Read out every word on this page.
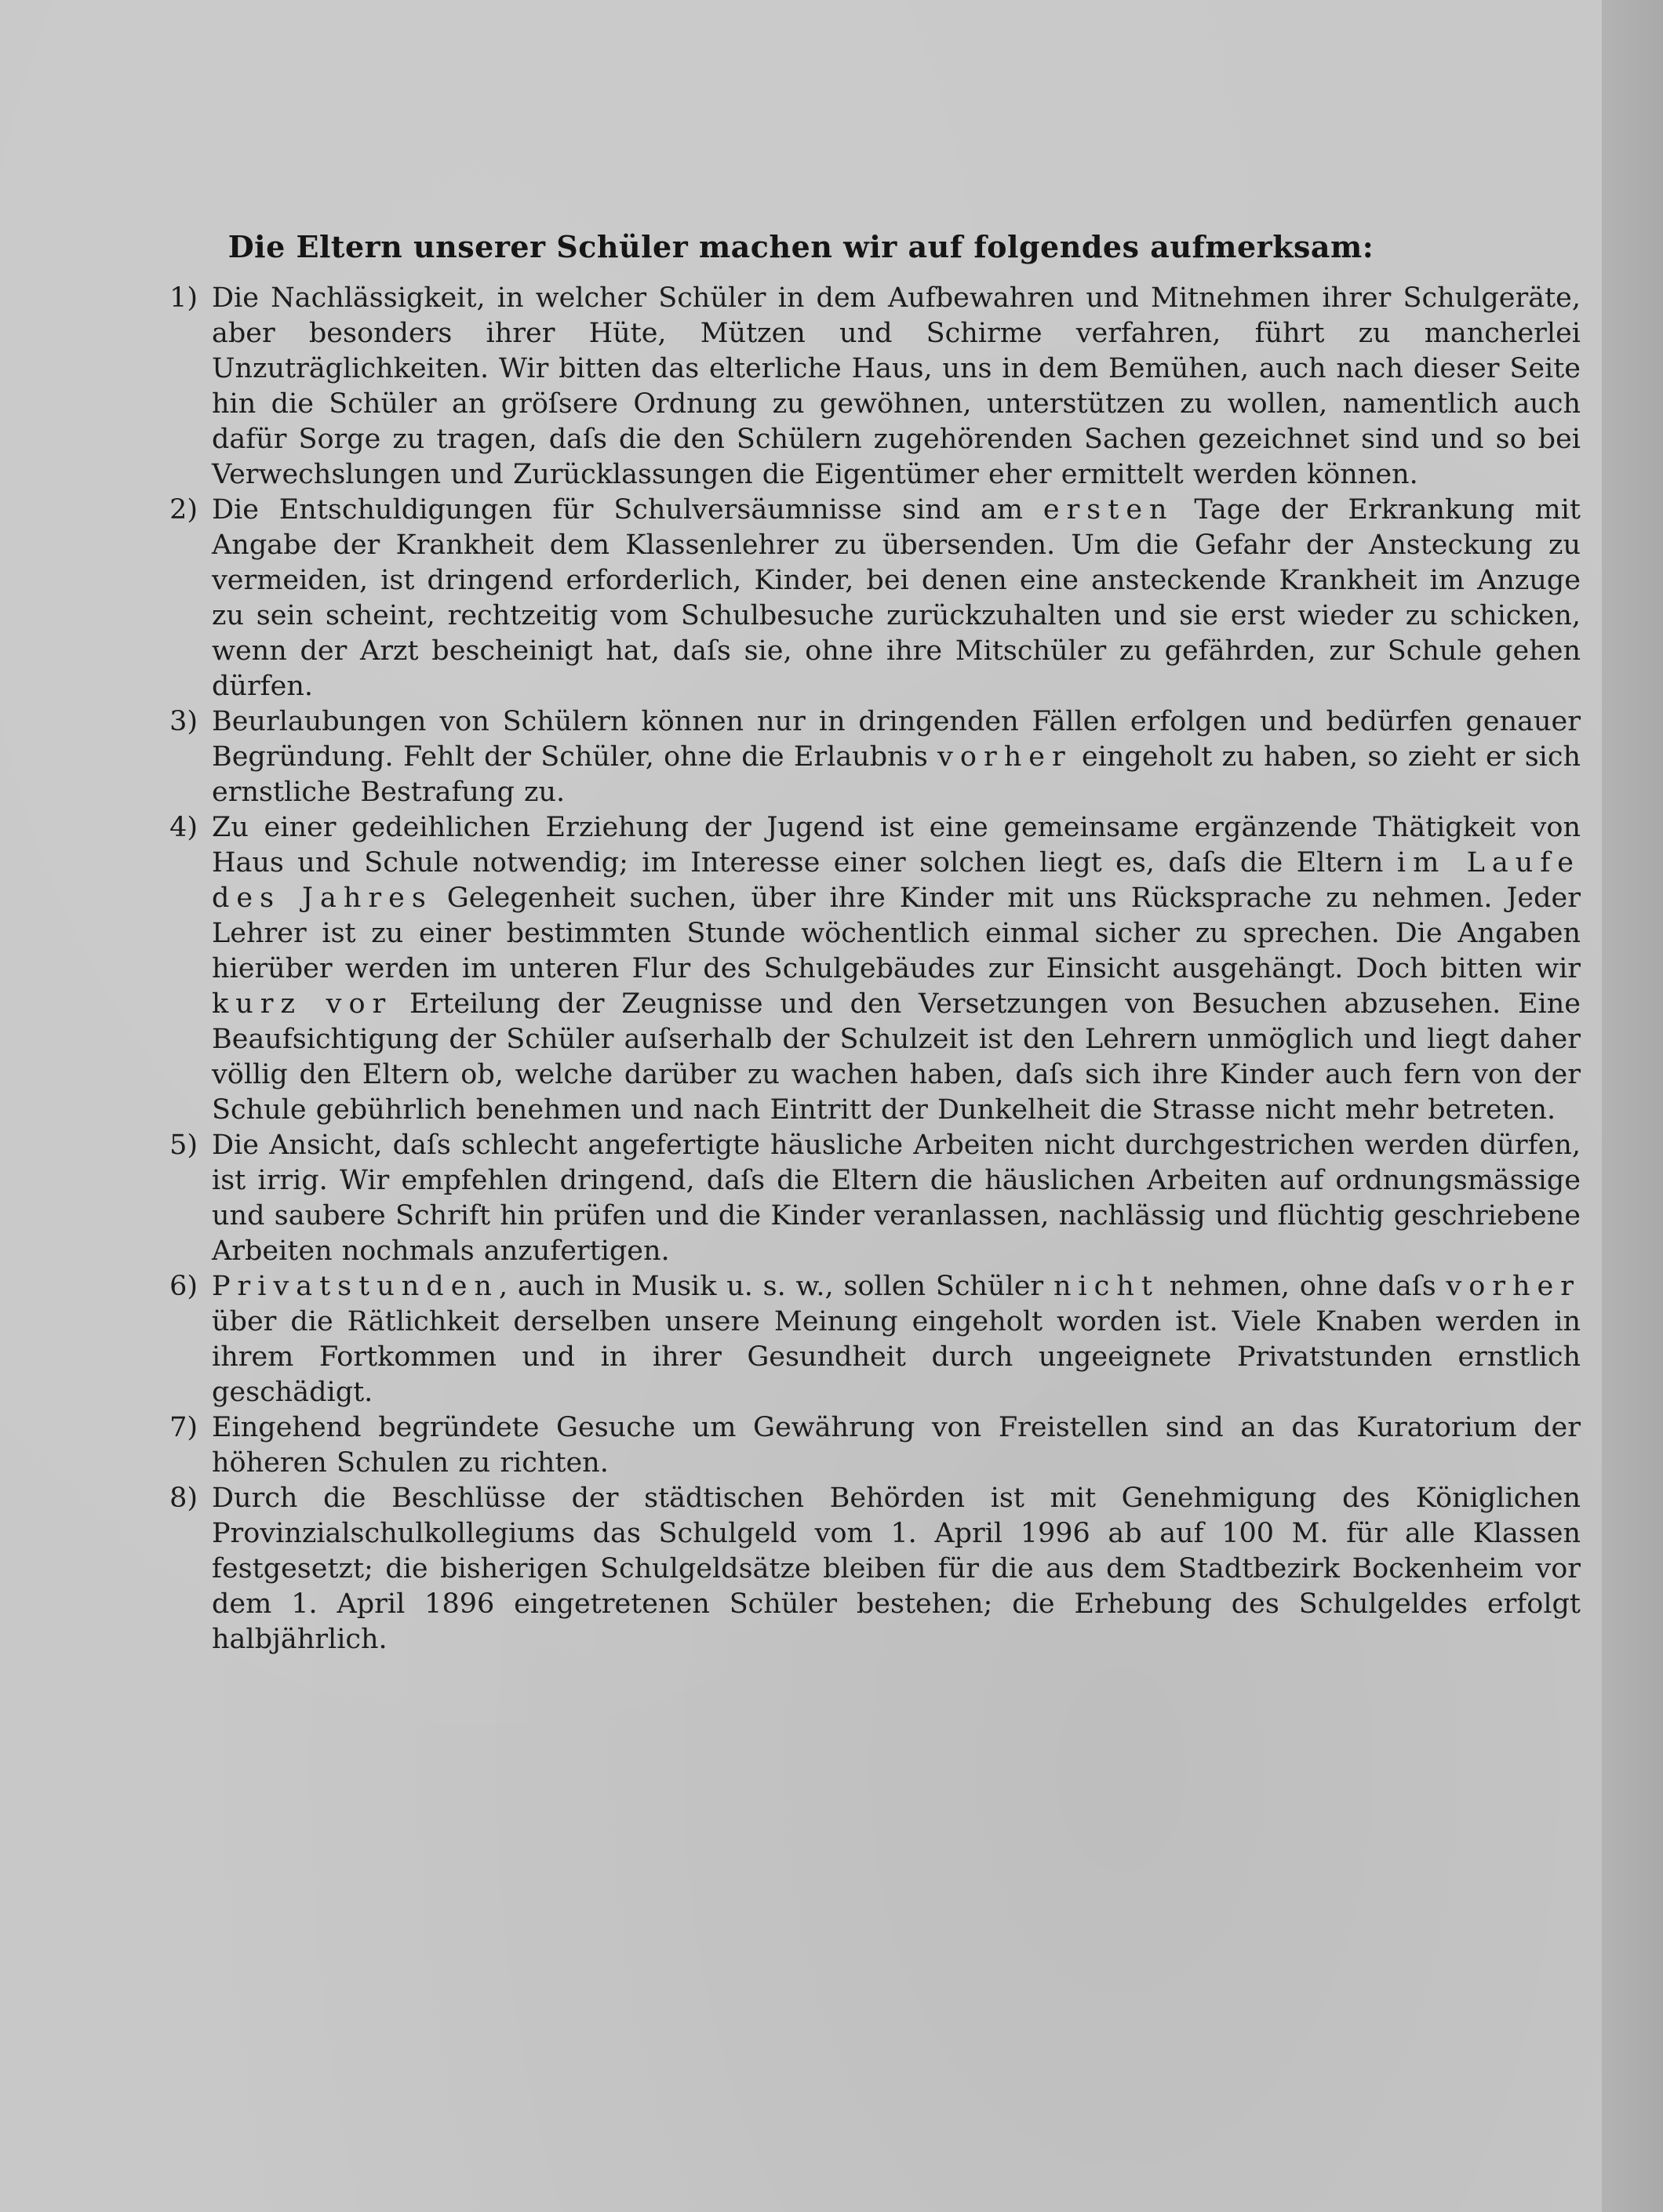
Die Eltern unserer Schüler machen wir auf folgendes aufmerksam:
1) Die Nachlässigkeit, in welcher Schüler in dem Aufbewahren und Mitnehmen ihrer Schulgeräte, aber besonders ihrer Hüte, Mützen und Schirme verfahren, führt zu mancherlei Unzuträglichkeiten. Wir bitten das elterliche Haus, uns in dem Bemühen, auch nach dieser Seite hin die Schüler an gröſsere Ordnung zu gewöhnen, unterstützen zu wollen, namentlich auch dafür Sorge zu tragen, daſs die den Schülern zugehörenden Sachen gezeichnet sind und so bei Verwechslungen und Zurücklassungen die Eigentümer eher ermittelt werden können.
2) Die Entschuldigungen für Schulversäumnisse sind am ersten Tage der Erkrankung mit Angabe der Krankheit dem Klassenlehrer zu übersenden. Um die Gefahr der Ansteckung zu vermeiden, ist dringend erforderlich, Kinder, bei denen eine ansteckende Krankheit im Anzuge zu sein scheint, rechtzeitig vom Schulbesuche zurückzuhalten und sie erst wieder zu schicken, wenn der Arzt bescheinigt hat, daſs sie, ohne ihre Mitschüler zu gefährden, zur Schule gehen dürfen.
3) Beurlaubungen von Schülern können nur in dringenden Fällen erfolgen und bedürfen genauer Begründung. Fehlt der Schüler, ohne die Erlaubnis vorher eingeholt zu haben, so zieht er sich ernstliche Bestrafung zu.
4) Zu einer gedeihlichen Erziehung der Jugend ist eine gemeinsame ergänzende Thätigkeit von Haus und Schule notwendig; im Interesse einer solchen liegt es, daſs die Eltern im Laufe des Jahres Gelegenheit suchen, über ihre Kinder mit uns Rücksprache zu nehmen. Jeder Lehrer ist zu einer bestimmten Stunde wöchentlich einmal sicher zu sprechen. Die Angaben hierüber werden im unteren Flur des Schulgebäudes zur Einsicht ausgehängt. Doch bitten wir kurz vor Erteilung der Zeugnisse und den Versetzungen von Besuchen abzusehen. Eine Beaufsichtigung der Schüler auſserhalb der Schulzeit ist den Lehrern unmöglich und liegt daher völlig den Eltern ob, welche darüber zu wachen haben, daſs sich ihre Kinder auch fern von der Schule gebührlich benehmen und nach Eintritt der Dunkelheit die Strasse nicht mehr betreten.
5) Die Ansicht, daſs schlecht angefertigte häusliche Arbeiten nicht durchgestrichen werden dürfen, ist irrig. Wir empfehlen dringend, daſs die Eltern die häuslichen Arbeiten auf ordnungsmässige und saubere Schrift hin prüfen und die Kinder veranlassen, nachlässig und flüchtig geschriebene Arbeiten nochmals anzufertigen.
6) Privatstunden, auch in Musik u. s. w., sollen Schüler nicht nehmen, ohne daſs vorher über die Rätlichkeit derselben unsere Meinung eingeholt worden ist. Viele Knaben werden in ihrem Fortkommen und in ihrer Gesundheit durch ungeeignete Privatstunden ernstlich geschädigt.
7) Eingehend begründete Gesuche um Gewährung von Freistellen sind an das Kuratorium der höheren Schulen zu richten.
8) Durch die Beschlüsse der städtischen Behörden ist mit Genehmigung des Königlichen Provinzialschulkollegiums das Schulgeld vom 1. April 1996 ab auf 100 M. für alle Klassen festgesetzt; die bisherigen Schulgeldsätze bleiben für die aus dem Stadtbezirk Bockenheim vor dem 1. April 1896 eingetretenen Schüler bestehen; die Erhebung des Schulgeldes erfolgt halbjährlich.
